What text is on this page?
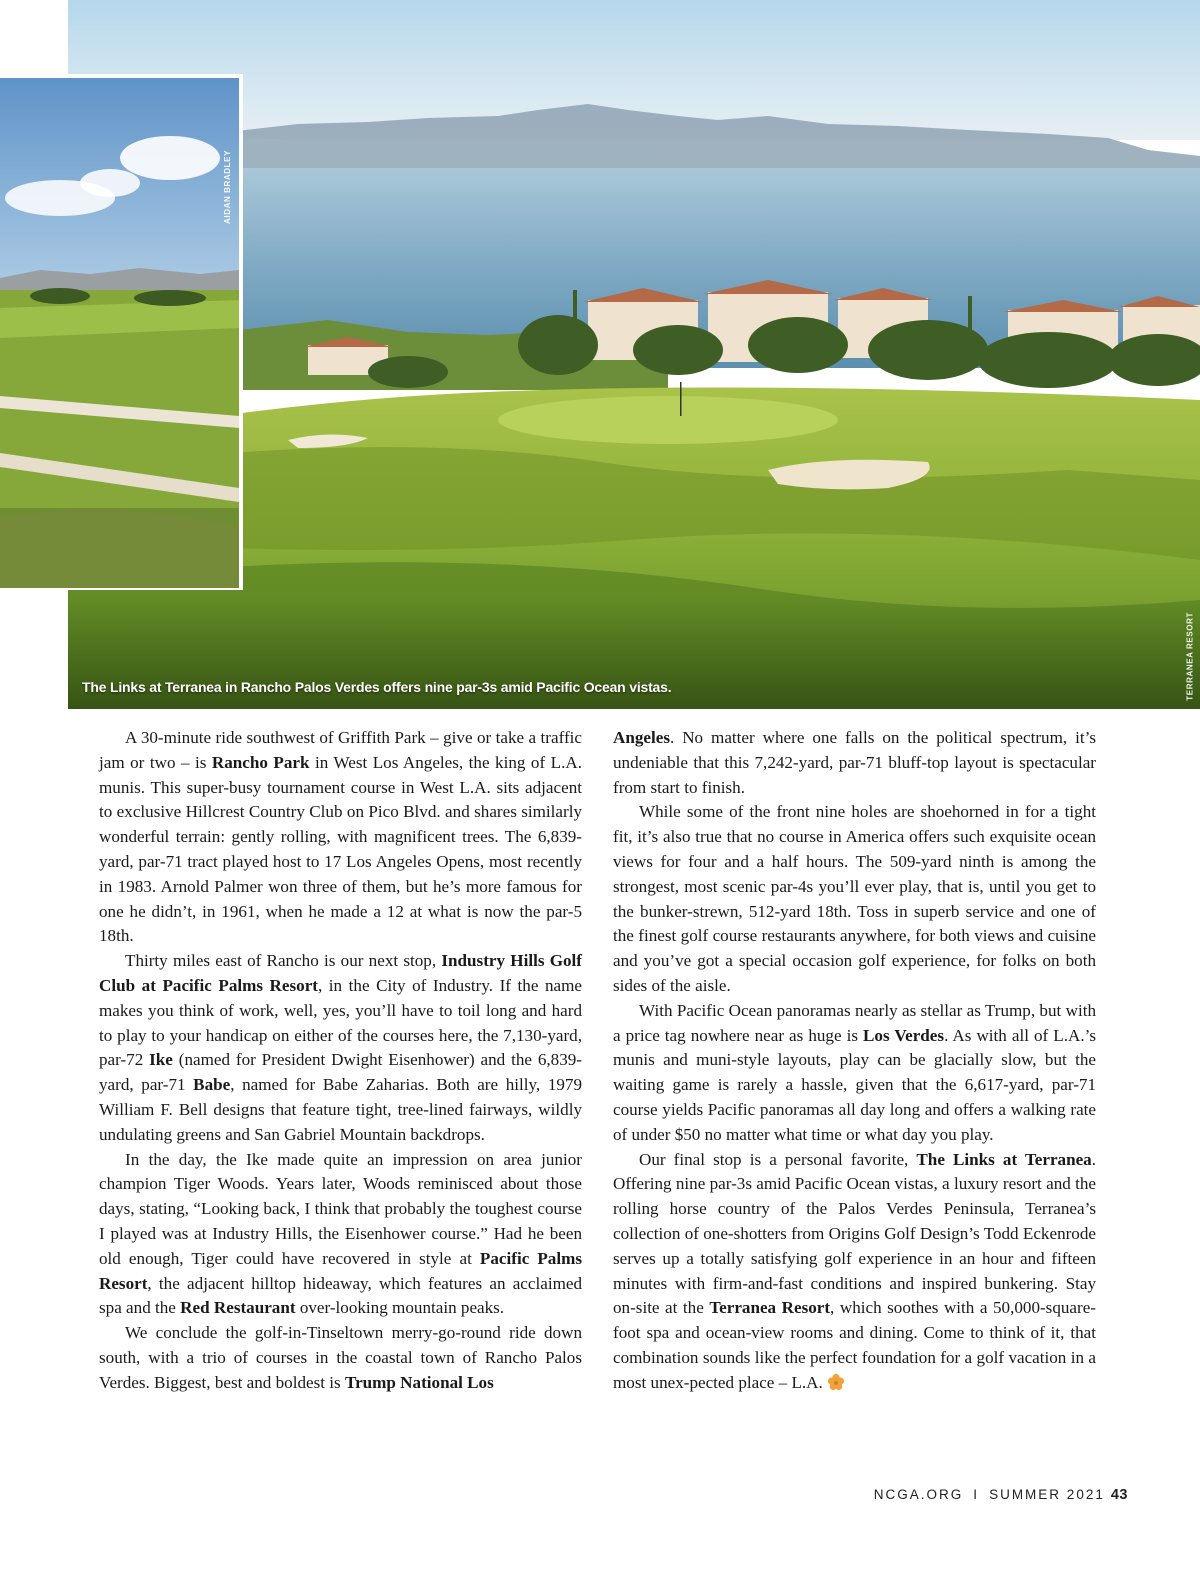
TERRANEA RESORT
The Links at Terranea in Rancho Palos Verdes offers nine par-3s amid Pacific Ocean vistas.
AIDAN BRADLEY

A 30-minute ride southwest of Griffith Park – give or take a traffic jam or two – is Rancho Park in West Los Angeles, the king of L.A. munis. This super-busy tournament course in West L.A. sits adjacent to exclusive Hillcrest Country Club on Pico Blvd. and shares similarly wonderful terrain: gently rolling, with magnificent trees. The 6,839-yard, par-71 tract played host to 17 Los Angeles Opens, most recently in 1983. Arnold Palmer won three of them, but he’s more famous for one he didn’t, in 1961, when he made a 12 at what is now the par-5 18th.

Thirty miles east of Rancho is our next stop, Industry Hills Golf Club at Pacific Palms Resort, in the City of Industry. If the name makes you think of work, well, yes, you’ll have to toil long and hard to play to your handicap on either of the courses here, the 7,130-yard, par-72 Ike (named for President Dwight Eisenhower) and the 6,839-yard, par-71 Babe, named for Babe Zaharias. Both are hilly, 1979 William F. Bell designs that feature tight, tree-lined fairways, wildly undulating greens and San Gabriel Mountain backdrops.

In the day, the Ike made quite an impression on area junior champion Tiger Woods. Years later, Woods reminisced about those days, stating, “Looking back, I think that probably the toughest course I played was at Industry Hills, the Eisenhower course.” Had he been old enough, Tiger could have recovered in style at Pacific Palms Resort, the adjacent hilltop hideaway, which features an acclaimed spa and the Red Restaurant over-looking mountain peaks.

We conclude the golf-in-Tinseltown merry-go-round ride down south, with a trio of courses in the coastal town of Rancho Palos Verdes. Biggest, best and boldest is Trump National Los

Angeles. No matter where one falls on the political spectrum, it’s undeniable that this 7,242-yard, par-71 bluff-top layout is spectacular from start to finish.

While some of the front nine holes are shoehorned in for a tight fit, it’s also true that no course in America offers such exquisite ocean views for four and a half hours. The 509-yard ninth is among the strongest, most scenic par-4s you’ll ever play, that is, until you get to the bunker-strewn, 512-yard 18th. Toss in superb service and one of the finest golf course restaurants anywhere, for both views and cuisine and you’ve got a special occasion golf experience, for folks on both sides of the aisle.

With Pacific Ocean panoramas nearly as stellar as Trump, but with a price tag nowhere near as huge is Los Verdes. As with all of L.A.’s munis and muni-style layouts, play can be glacially slow, but the waiting game is rarely a hassle, given that the 6,617-yard, par-71 course yields Pacific panoramas all day long and offers a walking rate of under $50 no matter what time or what day you play.

Our final stop is a personal favorite, The Links at Terranea. Offering nine par-3s amid Pacific Ocean vistas, a luxury resort and the rolling horse country of the Palos Verdes Peninsula, Terranea’s collection of one-shotters from Origins Golf Design’s Todd Eckenrode serves up a totally satisfying golf experience in an hour and fifteen minutes with firm-and-fast conditions and inspired bunkering. Stay on-site at the Terranea Resort, which soothes with a 50,000-square-foot spa and ocean-view rooms and dining. Come to think of it, that combination sounds like the perfect foundation for a golf vacation in a most unex-pected place – L.A.

NCGA.ORG I SUMMER 2021 43
